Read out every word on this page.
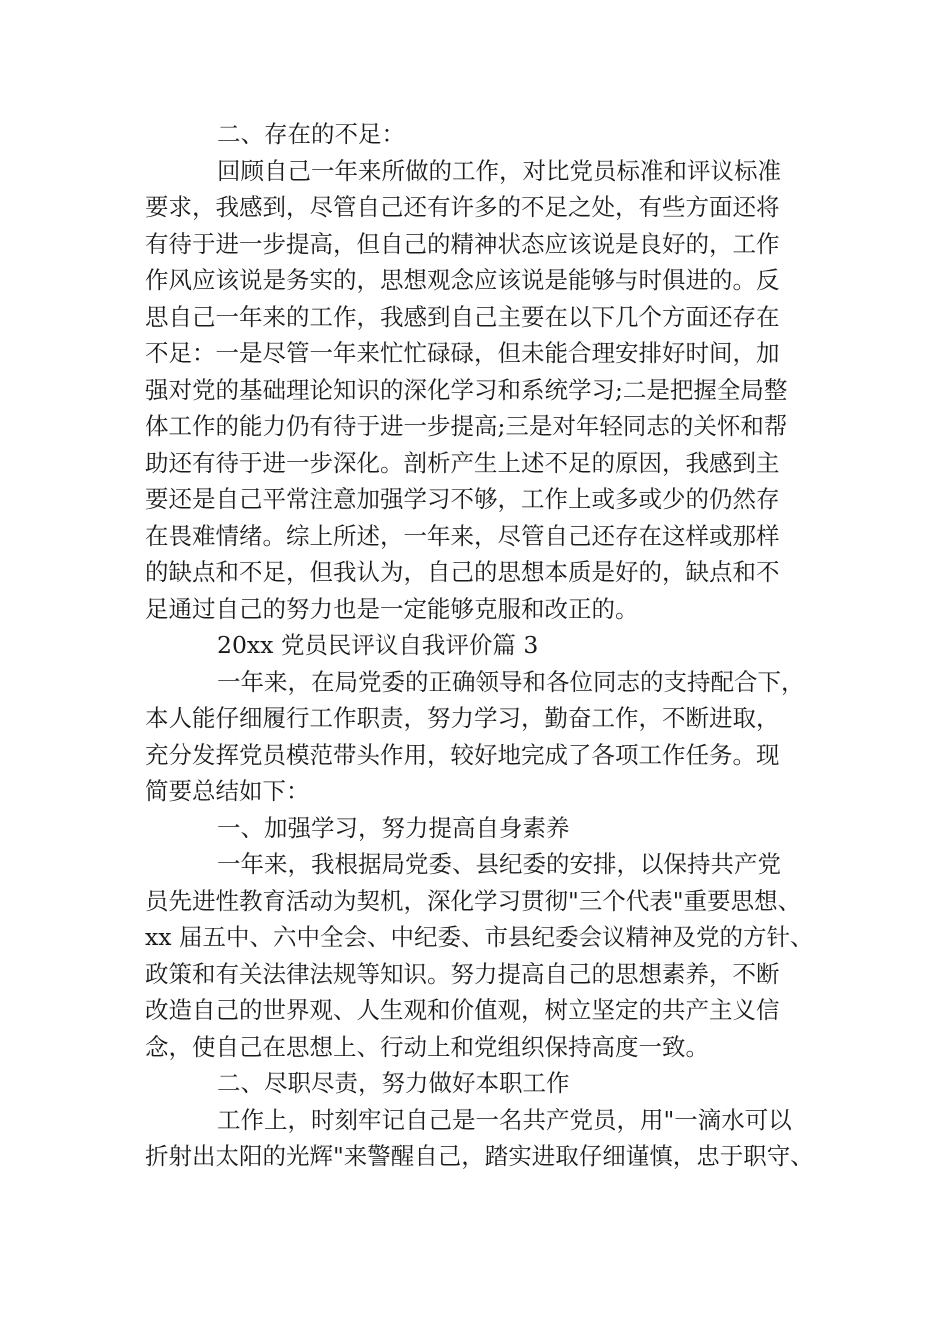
二、存在的不足：
回顾自己一年来所做的工作，对比党员标准和评议标准
要求，我感到，尽管自己还有许多的不足之处，有些方面还将
有待于进一步提高，但自己的精神状态应该说是良好的，工作
作风应该说是务实的，思想观念应该说是能够与时俱进的。反
思自己一年来的工作，我感到自己主要在以下几个方面还存在
不足：一是尽管一年来忙忙碌碌，但未能合理安排好时间，加
强对党的基础理论知识的深化学习和系统学习;二是把握全局整
体工作的能力仍有待于进一步提高;三是对年轻同志的关怀和帮
助还有待于进一步深化。剖析产生上述不足的原因，我感到主
要还是自己平常注意加强学习不够，工作上或多或少的仍然存
在畏难情绪。综上所述，一年来，尽管自己还存在这样或那样
的缺点和不足，但我认为，自己的思想本质是好的，缺点和不
足通过自己的努力也是一定能够克服和改正的。
20xx 党员民评议自我评价篇 3
一年来，在局党委的正确领导和各位同志的支持配合下，
本人能仔细履行工作职责，努力学习，勤奋工作，不断进取，
充分发挥党员模范带头作用，较好地完成了各项工作任务。现
简要总结如下：
一、加强学习，努力提高自身素养
一年来，我根据局党委、县纪委的安排，以保持共产党
员先进性教育活动为契机，深化学习贯彻"三个代表"重要思想、
xx 届五中、六中全会、中纪委、市县纪委会议精神及党的方针、
政策和有关法律法规等知识。努力提高自己的思想素养，不断
改造自己的世界观、人生观和价值观，树立坚定的共产主义信
念，使自己在思想上、行动上和党组织保持高度一致。
二、尽职尽责，努力做好本职工作
工作上，时刻牢记自己是一名共产党员，用"一滴水可以
折射出太阳的光辉"来警醒自己，踏实进取仔细谨慎，忠于职守、
